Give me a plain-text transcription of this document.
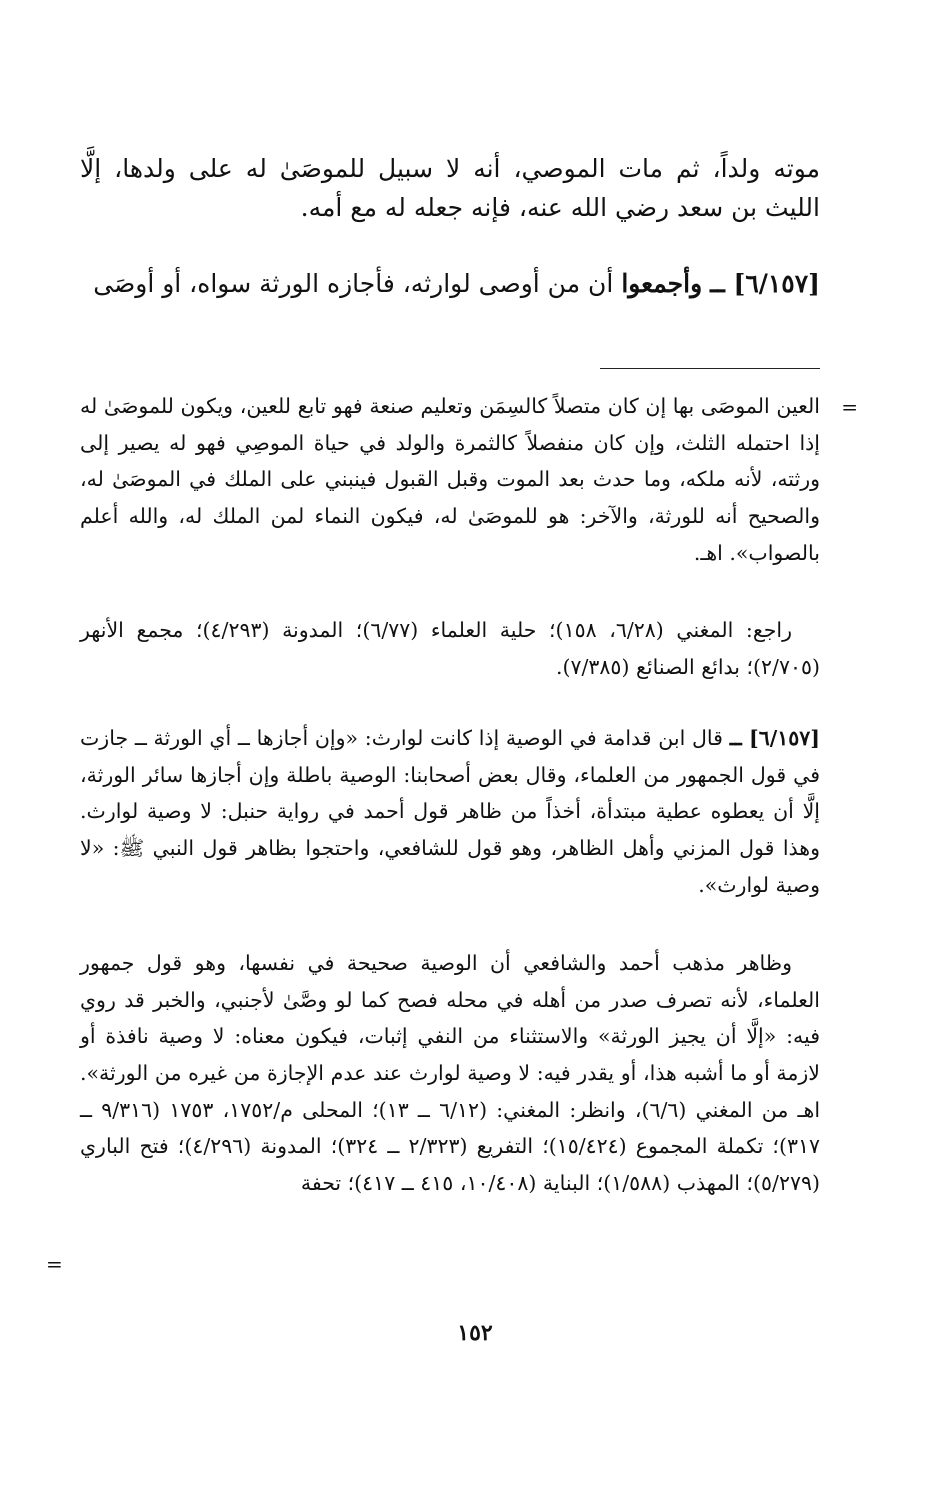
موته ولداً، ثم مات الموصي، أنه لا سبيل للموصَىٰ له على ولدها، إلَّا الليث بن سعد رضي الله عنه، فإنه جعله له مع أمه.
[٦/١٥٧] ــ وأجمعوا أن من أوصى لوارثه، فأجازه الورثة سواه، أو أوصَى
=
العين الموصَى بها إن كان متصلاً كالسِمَن وتعليم صنعة فهو تابع للعين، ويكون للموصَىٰ له إذا احتمله الثلث، وإن كان منفصلاً كالثمرة والولد في حياة الموصِي فهو له يصير إلى ورثته، لأنه ملكه، وما حدث بعد الموت وقبل القبول فينبني على الملك في الموصَىٰ له، والصحيح أنه للورثة، والآخر: هو للموصَىٰ له، فيكون النماء لمن الملك له، والله أعلم بالصواب». اهـ.
راجع: المغني (٦/٢٨، ١٥٨)؛ حلية العلماء (٦/٧٧)؛ المدونة (٤/٢٩٣)؛ مجمع الأنهر (٢/٧٠٥)؛ بدائع الصنائع (٧/٣٨٥).
[٦/١٥٧] ــ قال ابن قدامة في الوصية إذا كانت لوارث: «وإن أجازها ــ أي الورثة ــ جازت في قول الجمهور من العلماء، وقال بعض أصحابنا: الوصية باطلة وإن أجازها سائر الورثة، إلَّا أن يعطوه عطية مبتدأة، أخذاً من ظاهر قول أحمد في رواية حنبل: لا وصية لوارث. وهذا قول المزني وأهل الظاهر، وهو قول للشافعي، واحتجوا بظاهر قول النبي ﷺ: «لا وصية لوارث».
وظاهر مذهب أحمد والشافعي أن الوصية صحيحة في نفسها، وهو قول جمهور العلماء، لأنه تصرف صدر من أهله في محله فصح كما لو وصَّىٰ لأجنبي، والخبر قد روي فيه: «إلَّا أن يجيز الورثة» والاستثناء من النفي إثبات، فيكون معناه: لا وصية نافذة أو لازمة أو ما أشبه هذا، أو يقدر فيه: لا وصية لوارث عند عدم الإجازة من غيره من الورثة». اهـ من المغني (٦/٦)، وانظر: المغني: (٦/١٢ ــ ١٣)؛ المحلى م/١٧٥٢، ١٧٥٣ (٩/٣١٦ ــ ٣١٧)؛ تكملة المجموع (١٥/٤٢٤)؛ التفريع (٢/٣٢٣ ــ ٣٢٤)؛ المدونة (٤/٢٩٦)؛ فتح الباري (٥/٢٧٩)؛ المهذب (١/٥٨٨)؛ البناية (١٠/٤٠٨، ٤١٥ ــ ٤١٧)؛ تحفة
=
١٥٢
